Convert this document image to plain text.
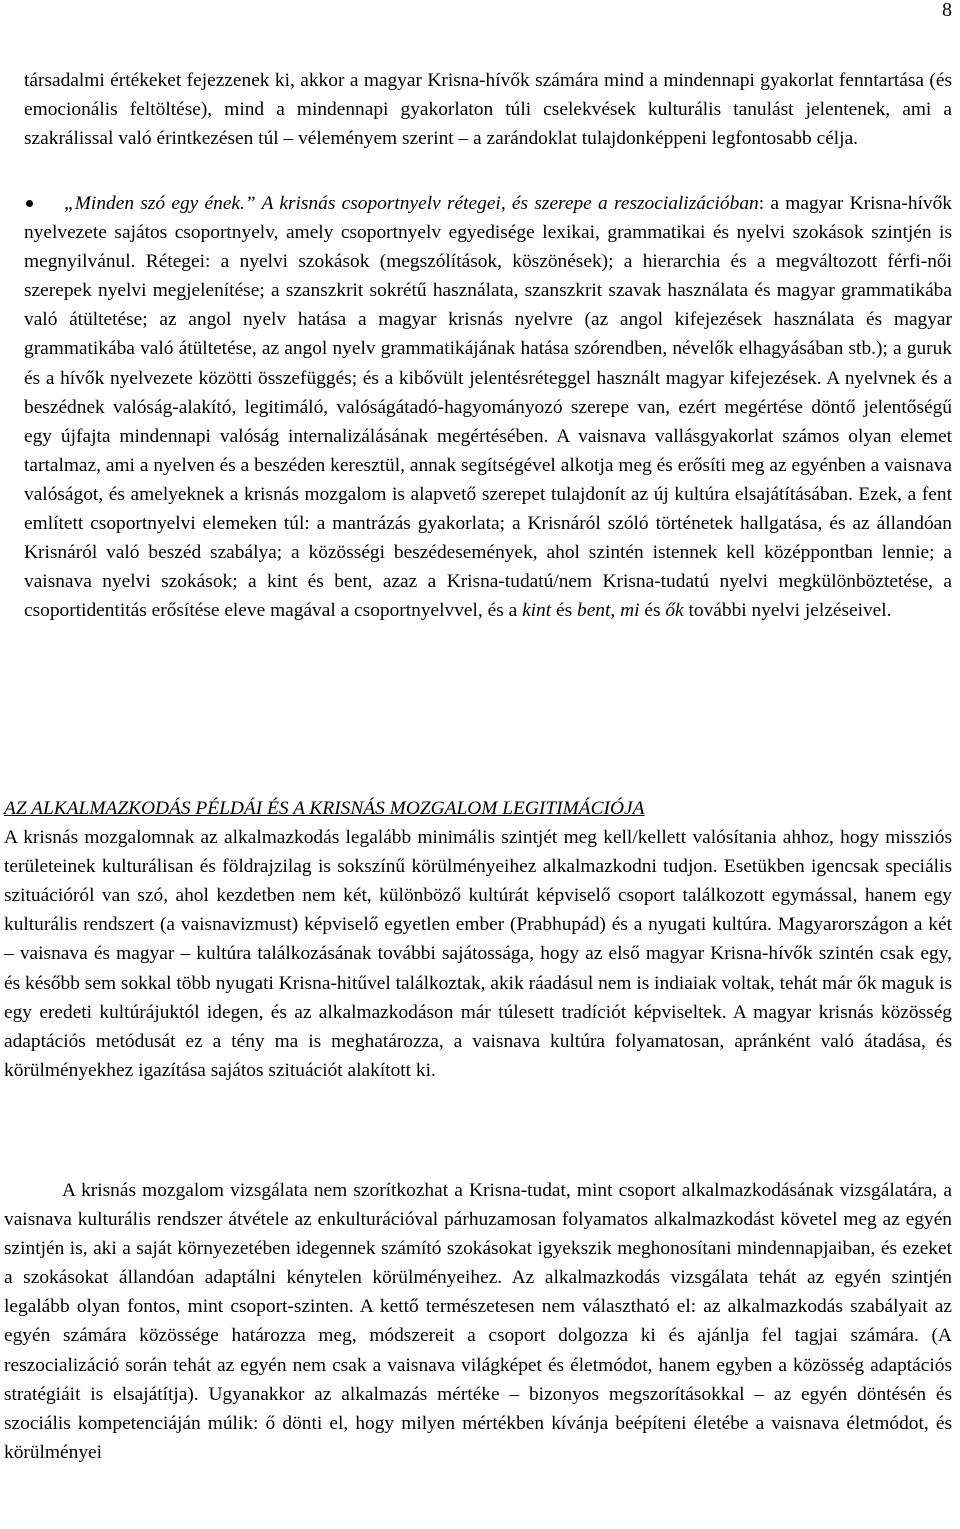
8
társadalmi értékeket fejezzenek ki, akkor a magyar Krisna-hívők számára mind a mindennapi gyakorlat fenntartása (és emocionális feltöltése), mind a mindennapi gyakorlaton túli cselekvések kulturális tanulást jelentenek, ami a szakrálissal való érintkezésen túl – véleményem szerint – a zarándoklat tulajdonképpeni legfontosabb célja.

„Minden szó egy ének.” A krisnás csoportnyelv rétegei, és szerepe a reszocializációban: a magyar Krisna-hívők nyelvezete sajátos csoportnyelv, amely csoportnyelv egyedisége lexikai, grammatikai és nyelvi szokások szintjén is megnyilvánul. Rétegei: a nyelvi szokások (megszólítások, köszönések); a hierarchia és a megváltozott férfi-női szerepek nyelvi megjelenítése; a szanszkrit sokrétű használata, szanszkrit szavak használata és magyar grammatikába való átültetése; az angol nyelv hatása a magyar krisnás nyelvre (az angol kifejezések használata és magyar grammatikába való átültetése, az angol nyelv grammatikájának hatása szórendben, névelők elhagyásában stb.); a guruk és a hívők nyelvezete közötti összefüggés; és a kibővült jelentésréteggel használt magyar kifejezések. A nyelvnek és a beszédnek valóság-alakító, legitimáló, valóságátadó-hagyományozó szerepe van, ezért megértése döntő jelentőségű egy újfajta mindennapi valóság internalizálásának megértésében. A vaisnava vallásgyakorlat számos olyan elemet tartalmaz, ami a nyelven és a beszéden keresztül, annak segítségével alkotja meg és erősíti meg az egyénben a vaisnava valóságot, és amelyeknek a krisnás mozgalom is alapvető szerepet tulajdonít az új kultúra elsajátításában. Ezek, a fent említett csoportnyelvi elemeken túl: a mantrázás gyakorlata; a Krisnáról szóló történetek hallgatása, és az állandóan Krisnáról való beszéd szabálya; a közösségi beszédesemények, ahol szintén istennek kell középpontban lennie; a vaisnava nyelvi szokások; a kint és bent, azaz a Krisna-tudatú/nem Krisna-tudatú nyelvi megkülönböztetése, a csoportidentitás erősítése eleve magával a csoportnyelvvel, és a kint és bent, mi és ők további nyelvi jelzéseivel.

AZ ALKALMAZKODÁS PÉLDÁI ÉS A KRISNÁS MOZGALOM LEGITIMÁCIÓJA

A krisnás mozgalomnak az alkalmazkodás legalább minimális szintjét meg kell/kellett valósítania ahhoz, hogy missziós területeinek kulturálisan és földrajzilag is sokszínű körülményeihez alkalmazkodni tudjon. Esetükben igencsak speciális szituációról van szó, ahol kezdetben nem két, különböző kultúrát képviselő csoport találkozott egymással, hanem egy kulturális rendszert (a vaisnavizmust) képviselő egyetlen ember (Prabhupád) és a nyugati kultúra. Magyarországon a két – vaisnava és magyar – kultúra találkozásának további sajátossága, hogy az első magyar Krisna-hívők szintén csak egy, és később sem sokkal több nyugati Krisna-hitűvel találkoztak, akik ráadásul nem is indiaiak voltak, tehát már ők maguk is egy eredeti kultúrájuktól idegen, és az alkalmazkodáson már túlesett tradíciót képviseltek. A magyar krisnás közösség adaptációs metódusát ez a tény ma is meghatározza, a vaisnava kultúra folyamatosan, apránként való átadása, és körülményekhez igazítása sajátos szituációt alakított ki.

A krisnás mozgalom vizsgálata nem szorítkozhat a Krisna-tudat, mint csoport alkalmazkodásának vizsgálatára, a vaisnava kulturális rendszer átvétele az enkulturációval párhuzamosan folyamatos alkalmazkodást követel meg az egyén szintjén is, aki a saját környezetében idegennek számító szokásokat igyekszik meghonosítani mindennapjaiban, és ezeket a szokásokat állandóan adaptálni kénytelen körülményeihez. Az alkalmazkodás vizsgálata tehát az egyén szintjén legalább olyan fontos, mint csoport-szinten. A kettő természetesen nem választható el: az alkalmazkodás szabályait az egyén számára közössége határozza meg, módszereit a csoport dolgozza ki és ajánlja fel tagjai számára. (A reszocializáció során tehát az egyén nem csak a vaisnava világképet és életmódot, hanem egyben a közösség adaptációs stratégiáit is elsajátítja). Ugyanakkor az alkalmazás mértéke – bizonyos megszorításokkal – az egyén döntésén és szociális kompetenciáján múlik: ő dönti el, hogy milyen mértékben kívánja beépíteni életébe a vaisnava életmódot, és körülményei
